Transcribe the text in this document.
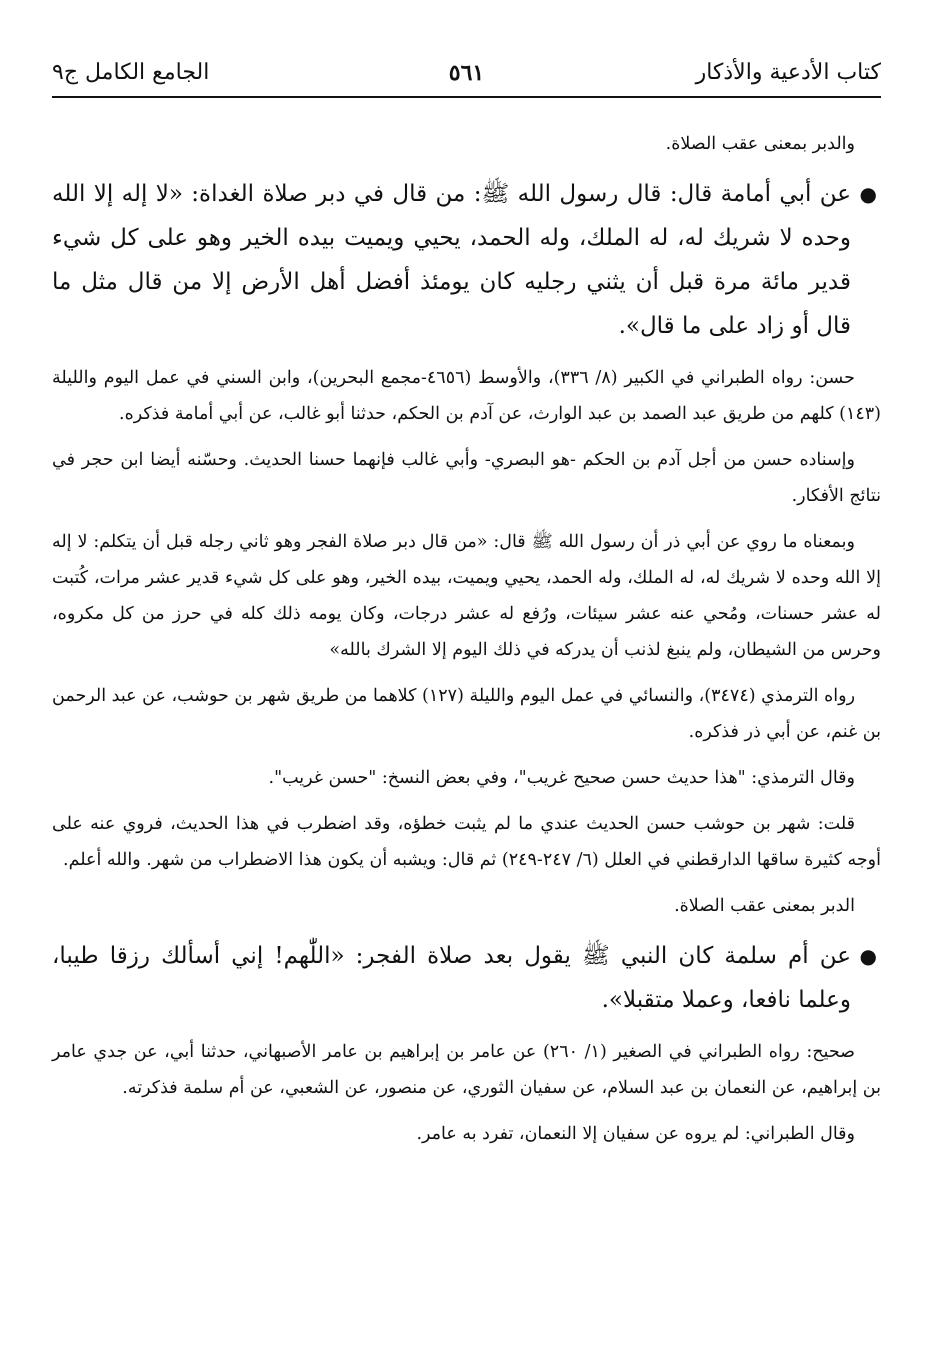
كتاب الأدعية والأذكار
٥٦١
الجامع الكامل ج٩

والدبر بمعنى عقب الصلاة.

●

عن أبي أمامة قال: قال رسول الله ﷺ: من قال في دبر صلاة الغداة: «لا إله إلا الله وحده لا شريك له، له الملك، وله الحمد، يحيي ويميت بيده الخير وهو على كل شيء قدير مائة مرة قبل أن يثني رجليه كان يومئذ أفضل أهل الأرض إلا من قال مثل ما قال أو زاد على ما قال».

حسن: رواه الطبراني في الكبير (٨/ ٣٣٦)، والأوسط (٤٦٥٦-مجمع البحرين)، وابن السني في عمل اليوم والليلة (١٤٣) كلهم من طريق عبد الصمد بن عبد الوارث، عن آدم بن الحكم، حدثنا أبو غالب، عن أبي أمامة فذكره.

وإسناده حسن من أجل آدم بن الحكم -هو البصري- وأبي غالب فإنهما حسنا الحديث. وحسّنه أيضا ابن حجر في نتائج الأفكار.

وبمعناه ما روي عن أبي ذر أن رسول الله ﷺ قال: «من قال دبر صلاة الفجر وهو ثاني رجله قبل أن يتكلم: لا إله إلا الله وحده لا شريك له، له الملك، وله الحمد، يحيي ويميت، بيده الخير، وهو على كل شيء قدير عشر مرات، كُتبت له عشر حسنات، ومُحي عنه عشر سيئات، ورُفع له عشر درجات، وكان يومه ذلك كله في حرز من كل مكروه، وحرس من الشيطان، ولم ينبغ لذنب أن يدركه في ذلك اليوم إلا الشرك بالله»

رواه الترمذي (٣٤٧٤)، والنسائي في عمل اليوم والليلة (١٢٧) كلاهما من طريق شهر بن حوشب، عن عبد الرحمن بن غنم، عن أبي ذر فذكره.

وقال الترمذي: "هذا حديث حسن صحيح غريب"، وفي بعض النسخ: "حسن غريب".

قلت: شهر بن حوشب حسن الحديث عندي ما لم يثبت خطؤه، وقد اضطرب في هذا الحديث، فروي عنه على أوجه كثيرة ساقها الدارقطني في العلل (٦/ ٢٤٧-٢٤٩) ثم قال: ويشبه أن يكون هذا الاضطراب من شهر. والله أعلم.

الدبر بمعنى عقب الصلاة.

●

عن أم سلمة كان النبي ﷺ يقول بعد صلاة الفجر: «اللّٰهم! إني أسألك رزقا طيبا، وعلما نافعا، وعملا متقبلا».

صحيح: رواه الطبراني في الصغير (١/ ٢٦٠) عن عامر بن إبراهيم بن عامر الأصبهاني، حدثنا أبي، عن جدي عامر بن إبراهيم، عن النعمان بن عبد السلام، عن سفيان الثوري، عن منصور، عن الشعبي، عن أم سلمة فذكرته.

وقال الطبراني: لم يروه عن سفيان إلا النعمان، تفرد به عامر.
